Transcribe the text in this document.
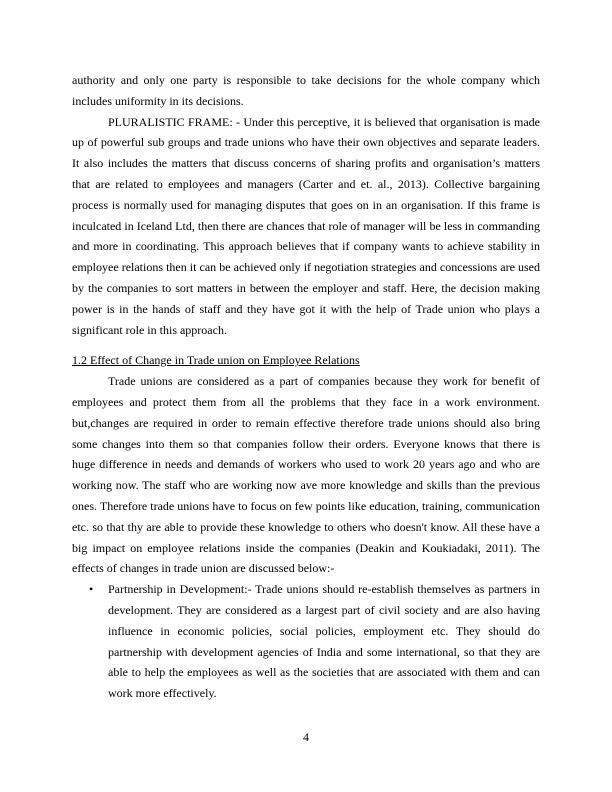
authority and only one party is responsible to take decisions for the whole company which includes uniformity in its decisions.

PLURALISTIC FRAME: - Under this perceptive, it is believed that organisation is made up of powerful sub groups and trade unions who have their own objectives and separate leaders. It also includes the matters that discuss concerns of sharing profits and organisation’s matters that are related to employees and managers (Carter and et. al., 2013). Collective bargaining process is normally used for managing disputes that goes on in an organisation. If this frame is inculcated in Iceland Ltd, then there are chances that role of manager will be less in commanding and more in coordinating. This approach believes that if company wants to achieve stability in employee relations then it can be achieved only if negotiation strategies and concessions are used by the companies to sort matters in between the employer and staff. Here, the decision making power is in the hands of staff and they have got it with the help of Trade union who plays a significant role in this approach.

1.2 Effect of Change in Trade union on Employee Relations

Trade unions are considered as a part of companies because they work for benefit of employees and protect them from all the problems that they face in a work environment. but,changes are required in order to remain effective therefore trade unions should also bring some changes into them so that companies follow their orders. Everyone knows that there is huge difference in needs and demands of workers who used to work 20 years ago and who are working now. The staff who are working now ave more knowledge and skills than the previous ones. Therefore trade unions have to focus on few points like education, training, communication etc. so that thy are able to provide these knowledge to others who doesn't know. All these have a big impact on employee relations inside the companies (Deakin and Koukiadaki, 2011). The effects of changes in trade union are discussed below:-

• Partnership in Development:- Trade unions should re-establish themselves as partners in development. They are considered as a largest part of civil society and are also having influence in economic policies, social policies, employment etc. They should do partnership with development agencies of India and some international, so that they are able to help the employees as well as the societies that are associated with them and can work more effectively.
4
